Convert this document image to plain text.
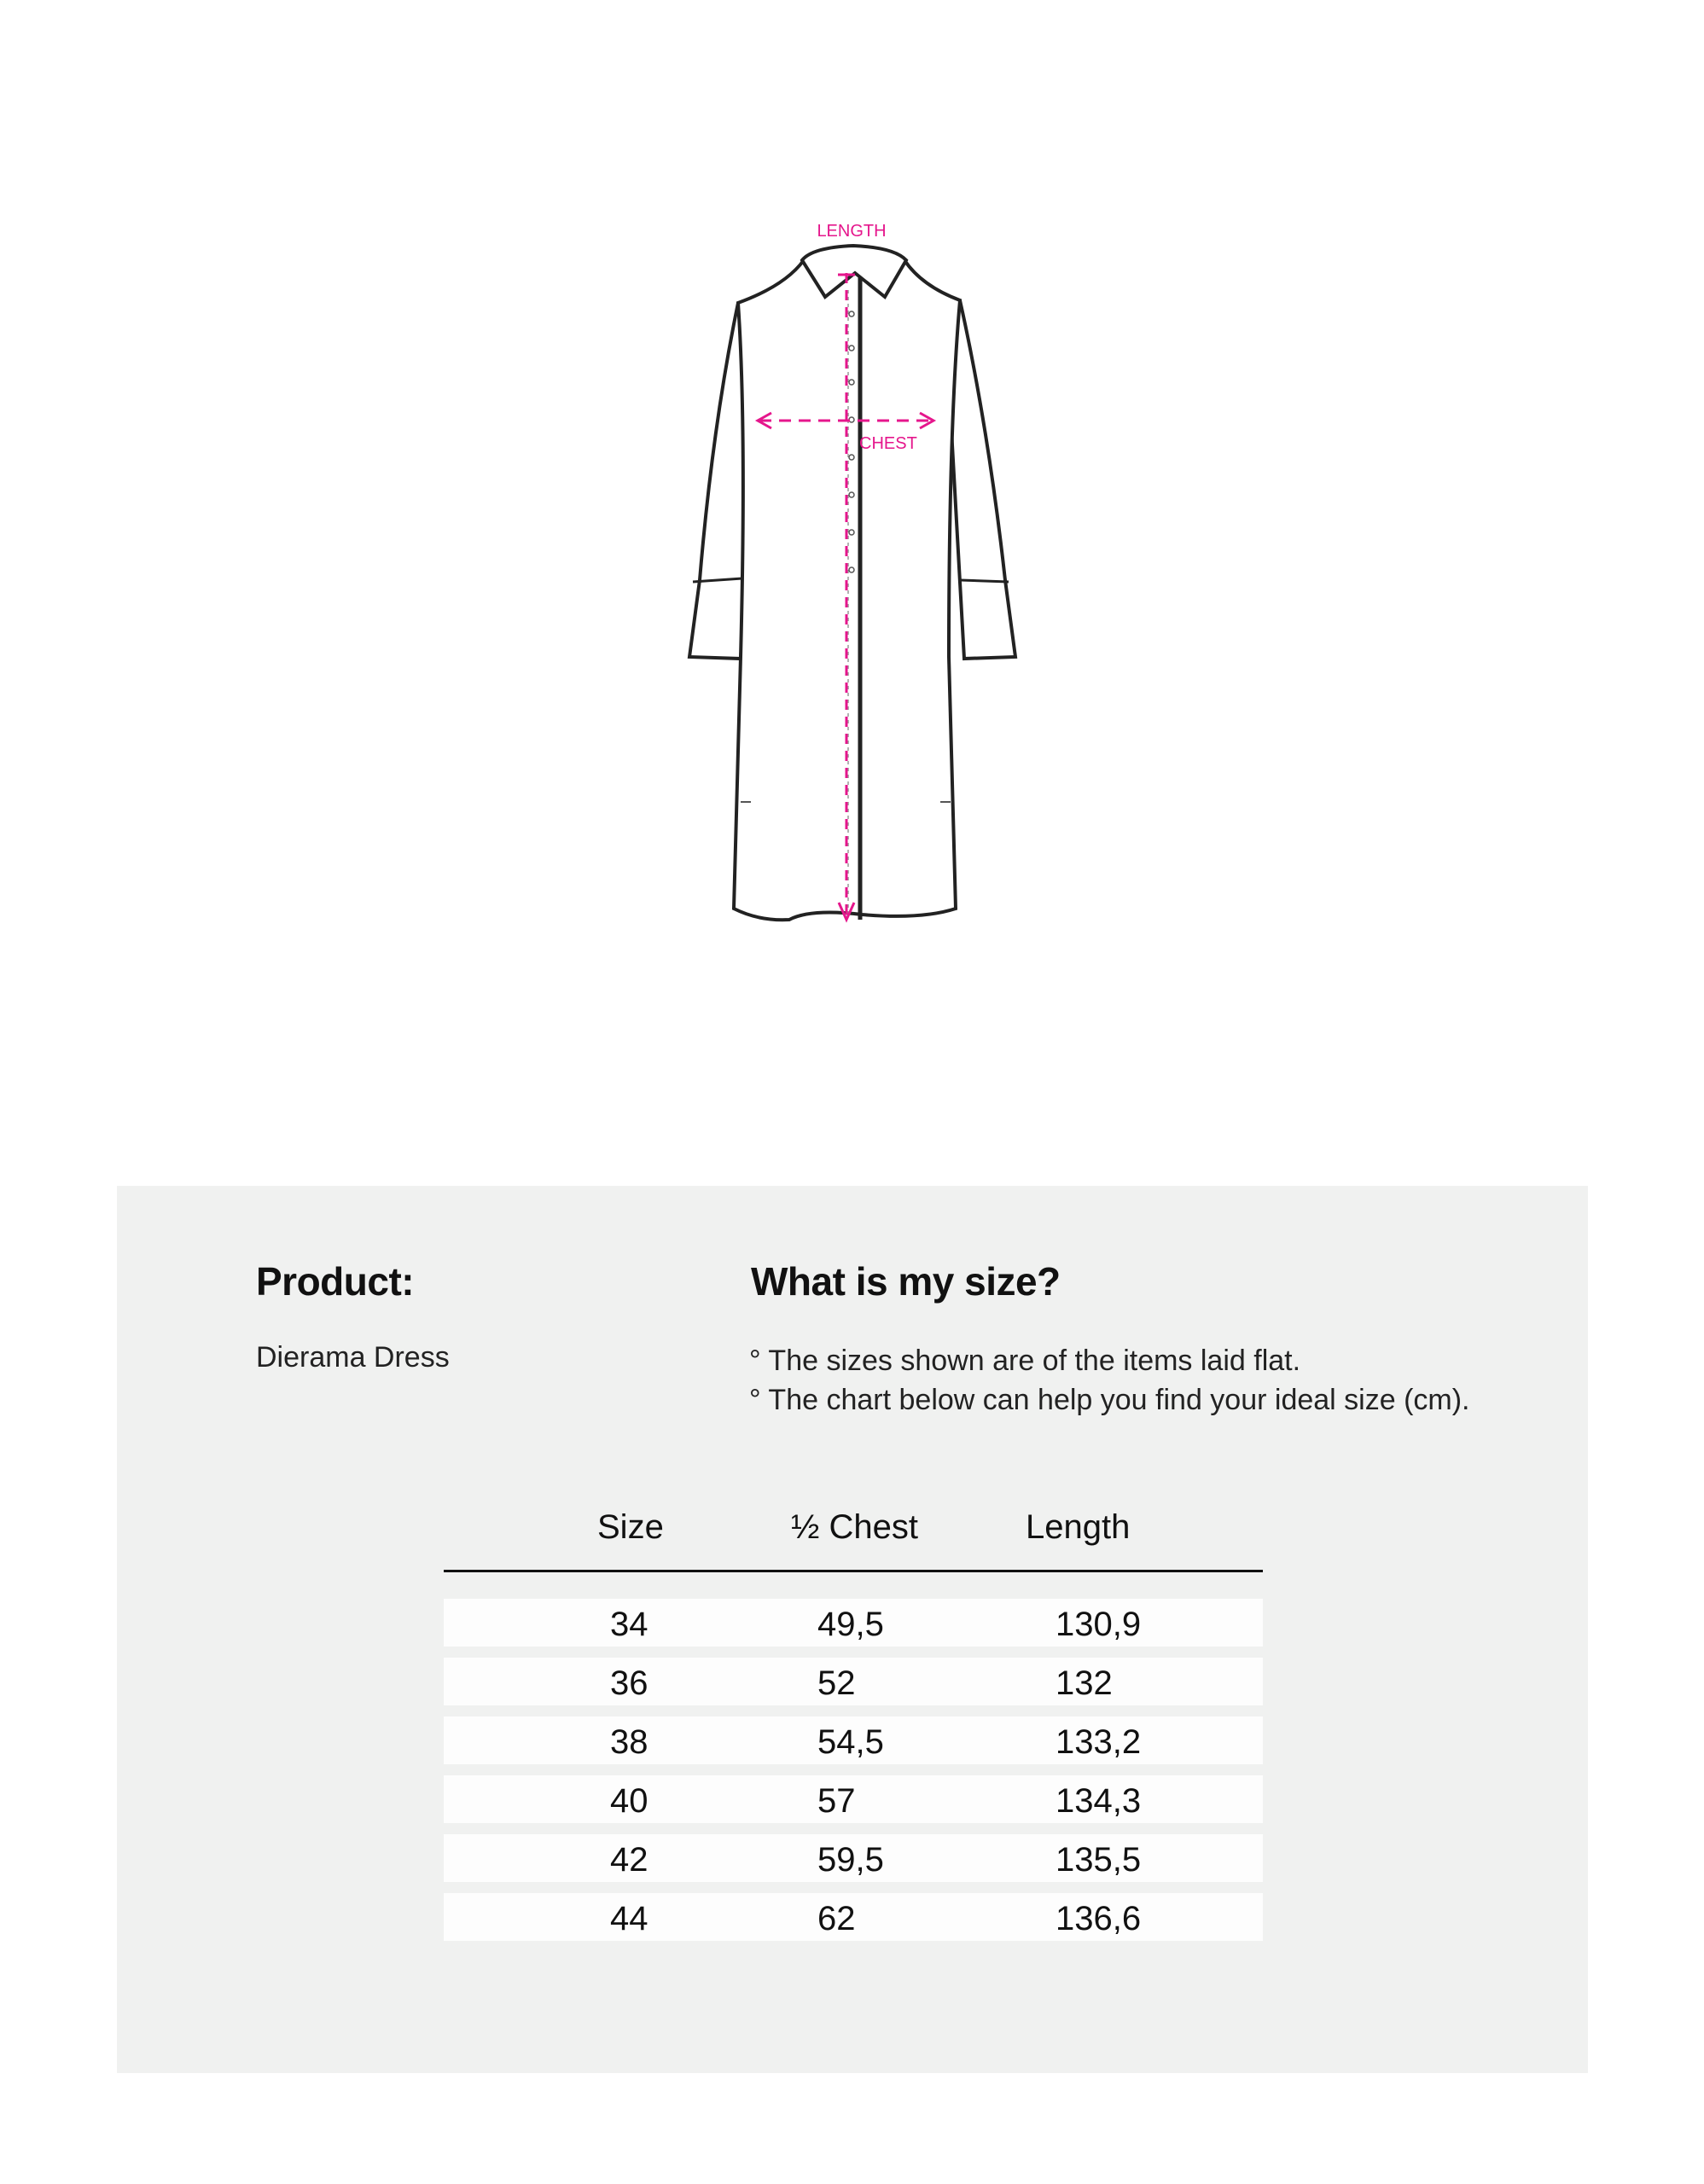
LENGTH
CHEST
Product:
Dierama Dress
What is my size?
° The sizes shown are of the items laid flat.
° The chart below can help you find your ideal size (cm).
Size	½ Chest	Length
34	49,5	130,9
36	52	132
38	54,5	133,2
40	57	134,3
42	59,5	135,5
44	62	136,6
